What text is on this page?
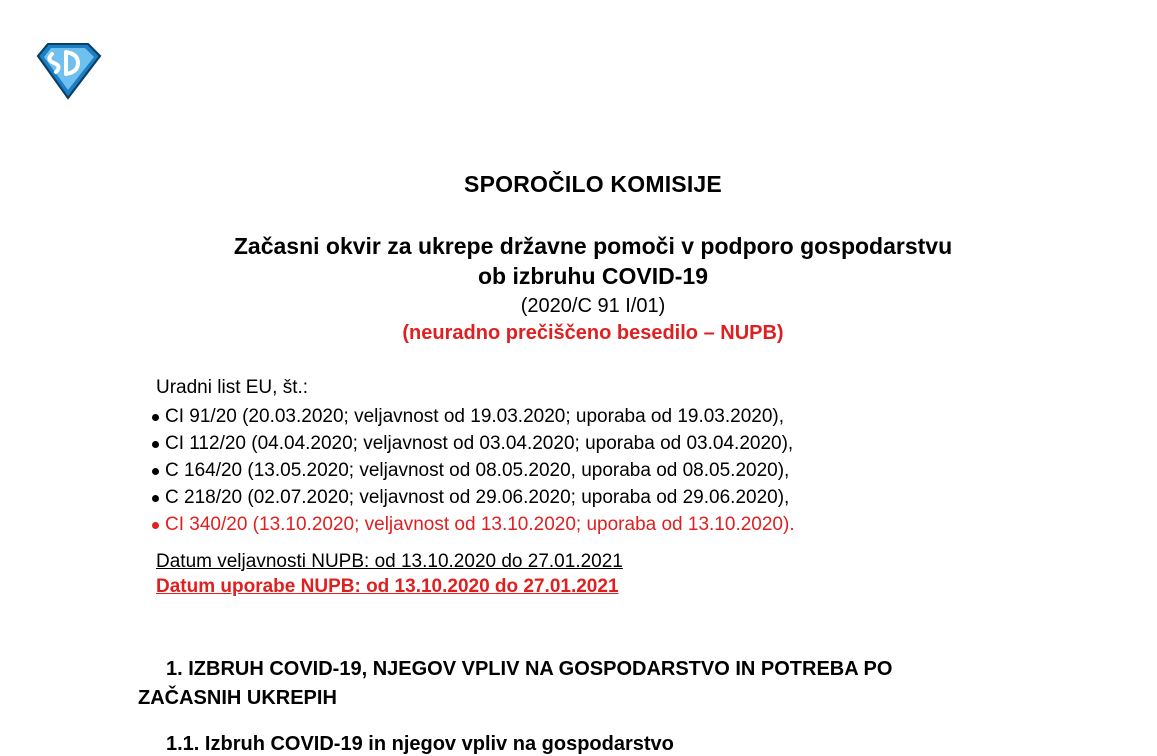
SPOROČILO KOMISIJE
Začasni okvir za ukrepe državne pomoči v podporo gospodarstvu
ob izbruhu COVID-19
(2020/C 91 I/01)
(neuradno prečiščeno besedilo – NUPB)
Uradni list EU, št.:
CI 91/20 (20.03.2020; veljavnost od 19.03.2020; uporaba od 19.03.2020),
CI 112/20 (04.04.2020; veljavnost od 03.04.2020; uporaba od 03.04.2020),
C 164/20 (13.05.2020; veljavnost od 08.05.2020, uporaba od 08.05.2020),
C 218/20 (02.07.2020; veljavnost od 29.06.2020; uporaba od 29.06.2020),
CI 340/20 (13.10.2020; veljavnost od 13.10.2020; uporaba od 13.10.2020).
Datum veljavnosti NUPB: od 13.10.2020 do 27.01.2021
Datum uporabe NUPB: od 13.10.2020 do 27.01.2021
1. IZBRUH COVID-19, NJEGOV VPLIV NA GOSPODARSTVO IN POTREBA PO
ZAČASNIH UKREPIH
1.1. Izbruh COVID-19 in njegov vpliv na gospodarstvo
